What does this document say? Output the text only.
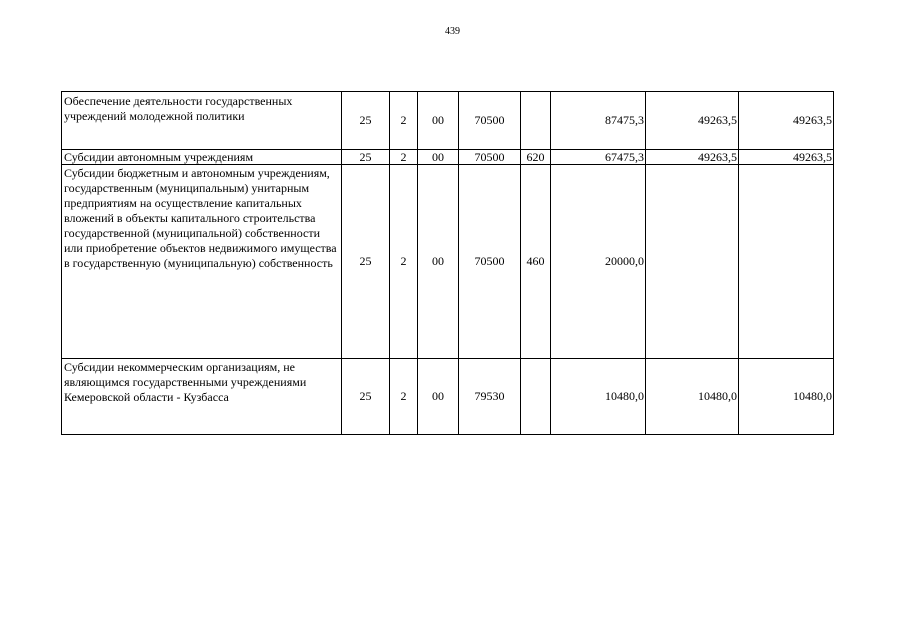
439
Обеспечение деятельности государственных учреждений молодежной политики	25	2	00	70500		87475,3	49263,5	49263,5
Субсидии автономным учреждениям	25	2	00	70500	620	67475,3	49263,5	49263,5
Субсидии бюджетным и автономным учреждениям, государственным (муниципальным) унитарным предприятиям на осуществление капитальных вложений в объекты капитального строительства государственной (муниципальной) собственности или приобретение объектов недвижимого имущества в государственную (муниципальную) собственность	25	2	00	70500	460	20000,0		
Субсидии некоммерческим организациям, не являющимся государственными учреждениями Кемеровской области - Кузбасса	25	2	00	79530		10480,0	10480,0	10480,0
